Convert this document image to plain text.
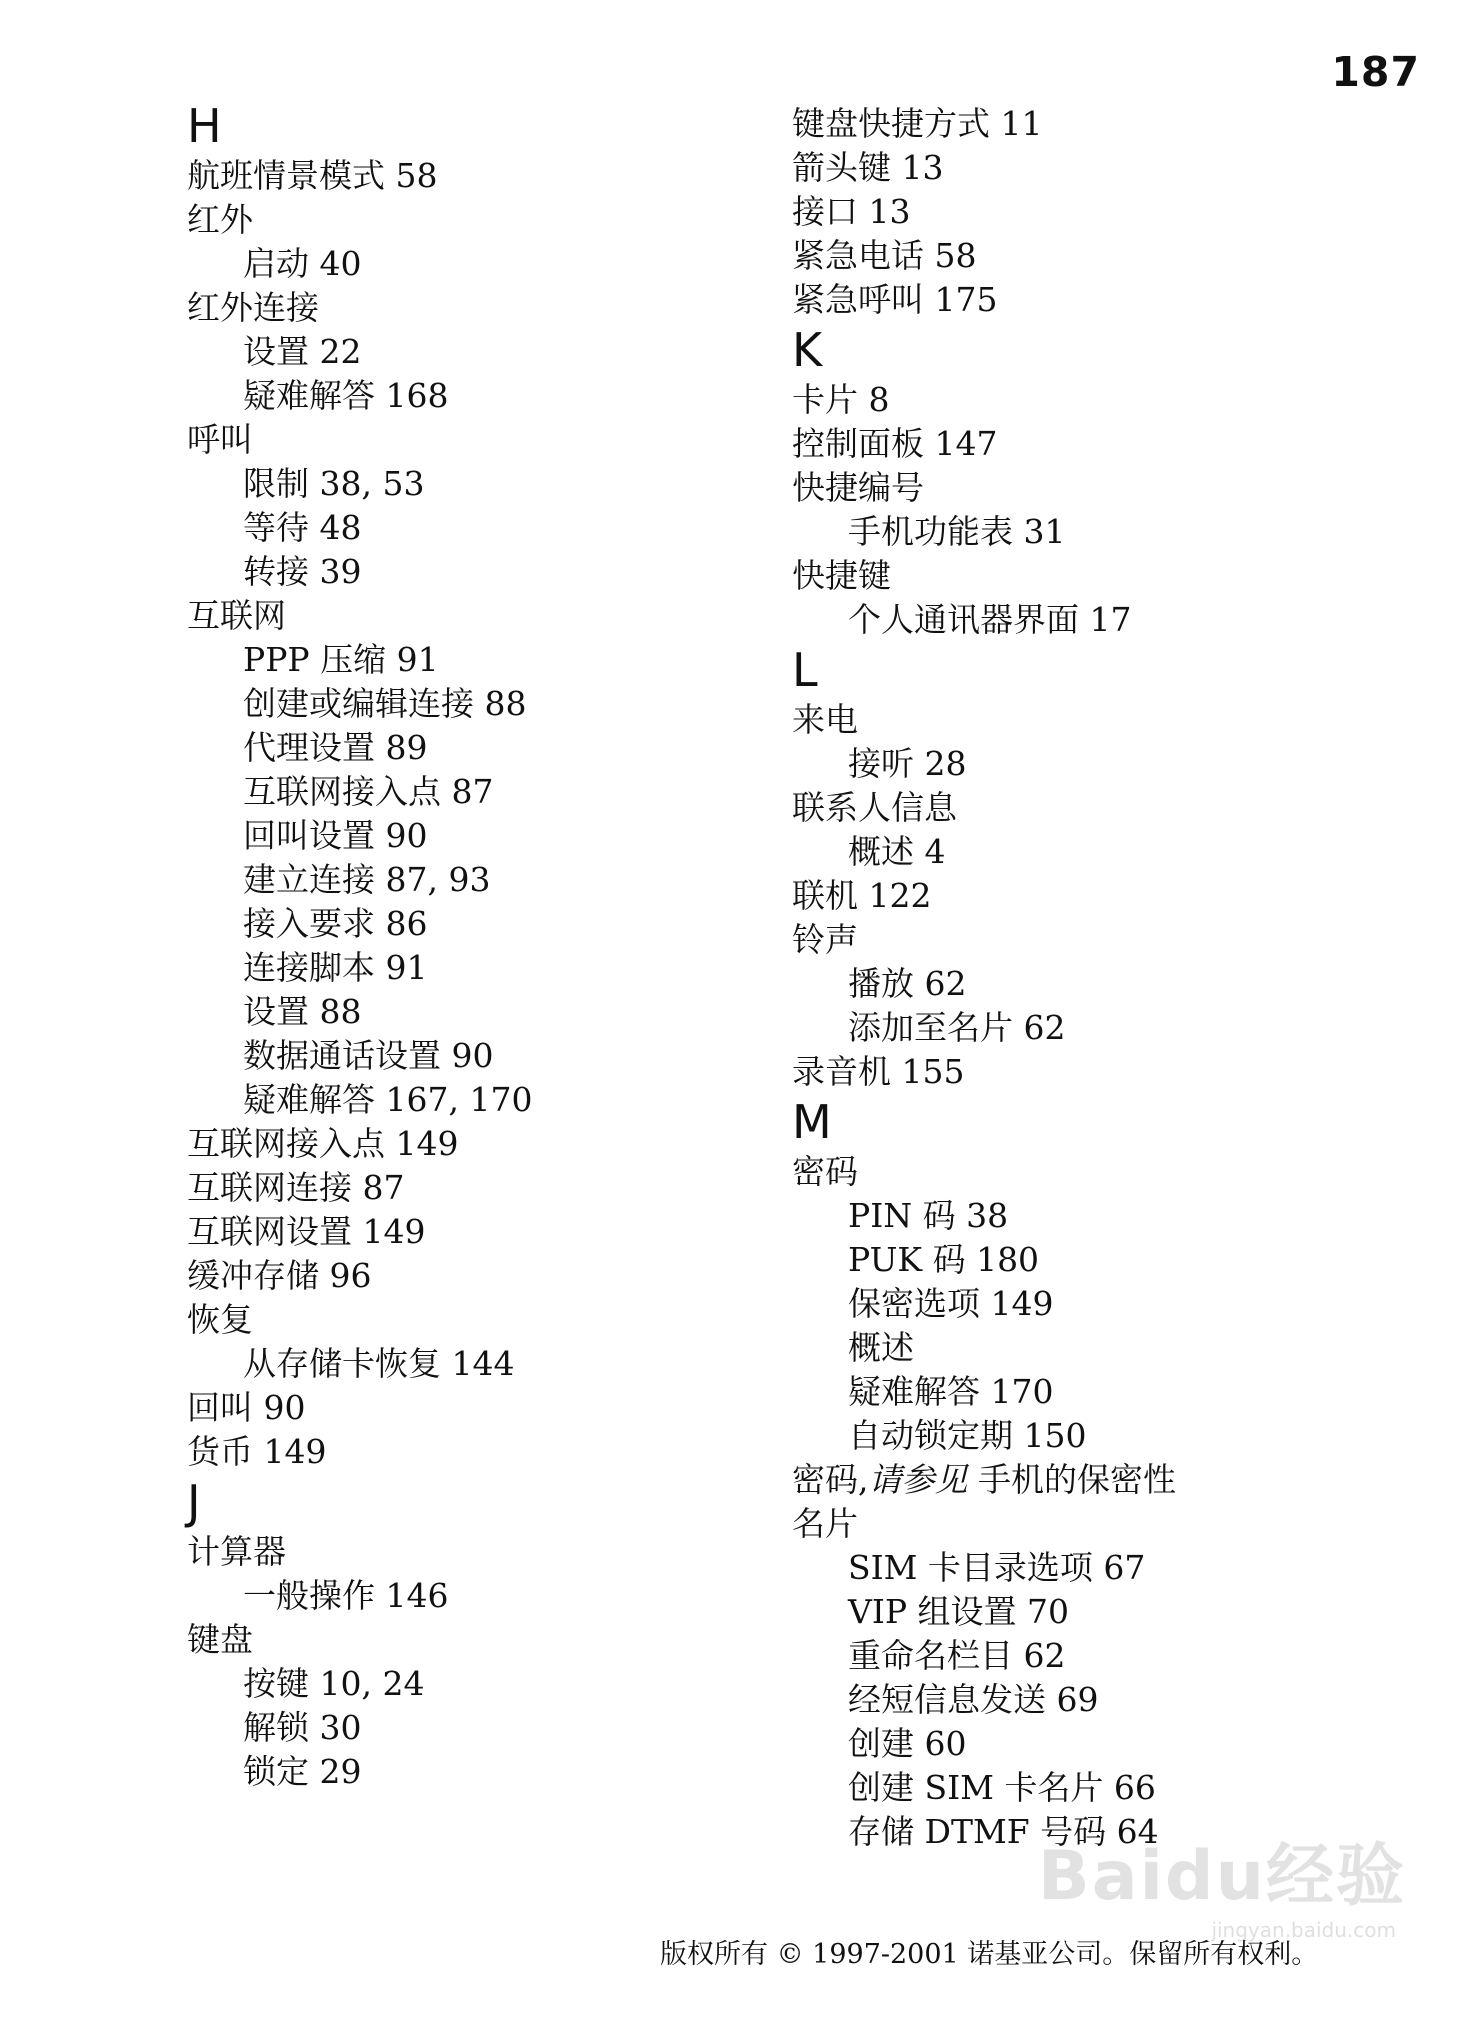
187
H
航班情景模式 58
红外
启动 40
红外连接
设置 22
疑难解答 168
呼叫
限制 38, 53
等待 48
转接 39
互联网
PPP 压缩 91
创建或编辑连接 88
代理设置 89
互联网接入点 87
回叫设置 90
建立连接 87, 93
接入要求 86
连接脚本 91
设置 88
数据通话设置 90
疑难解答 167, 170
互联网接入点 149
互联网连接 87
互联网设置 149
缓冲存储 96
恢复
从存储卡恢复 144
回叫 90
货币 149
J
计算器
一般操作 146
键盘
按键 10, 24
解锁 30
锁定 29
键盘快捷方式 11
箭头键 13
接口 13
紧急电话 58
紧急呼叫 175
K
卡片 8
控制面板 147
快捷编号
手机功能表 31
快捷键
个人通讯器界面 17
L
来电
接听 28
联系人信息
概述 4
联机 122
铃声
播放 62
添加至名片 62
录音机 155
M
密码
PIN 码 38
PUK 码 180
保密选项 149
概述
疑难解答 170
自动锁定期 150
密码,请参见 手机的保密性
名片
SIM 卡目录选项 67
VIP 组设置 70
重命名栏目 62
经短信息发送 69
创建 60
创建 SIM 卡名片 66
存储 DTMF 号码 64
版权所有 © 1997-2001 诺基亚公司。保留所有权利。
Baidu经验
jingyan.baidu.com
